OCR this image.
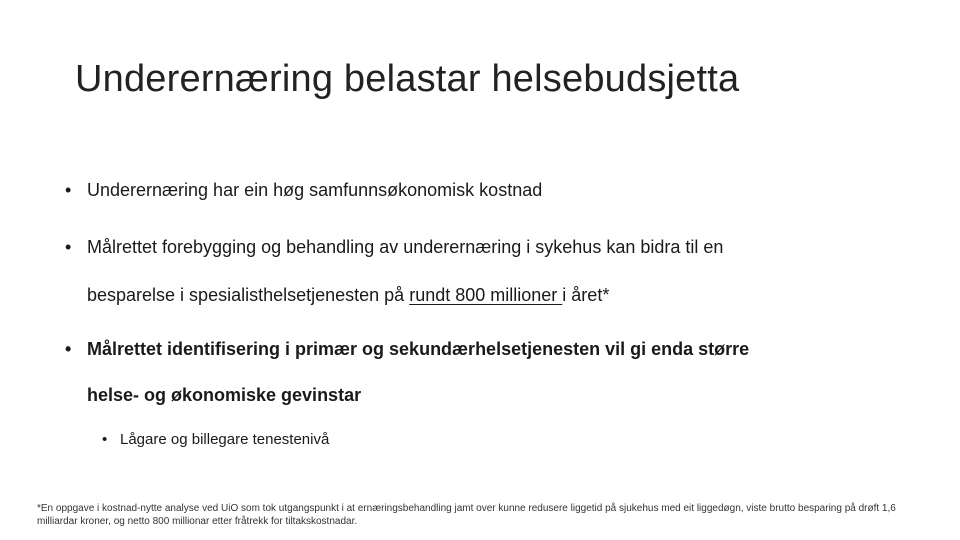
Underernæring belastar helsebudsjetta
• Underernæring har ein høg samfunnsøkonomisk kostnad
• Målrettet forebygging og behandling av underernæring i sykehus kan bidra til en
besparelse i spesialisthelsetjenesten på rundt 800 millioner i året*
• Målrettet identifisering i primær og sekundærhelsetjenesten vil gi enda større
helse- og økonomiske gevinstar
• Lågare og billegare tenestenivå
*En oppgave i kostnad-nytte analyse ved UiO som tok utgangspunkt i at ernæringsbehandling jamt over kunne redusere liggetid på sjukehus med eit liggedøgn, viste brutto besparing på drøft 1,6 milliardar kroner, og netto 800 millionar etter fråtrekk for tiltakskostnadar.
